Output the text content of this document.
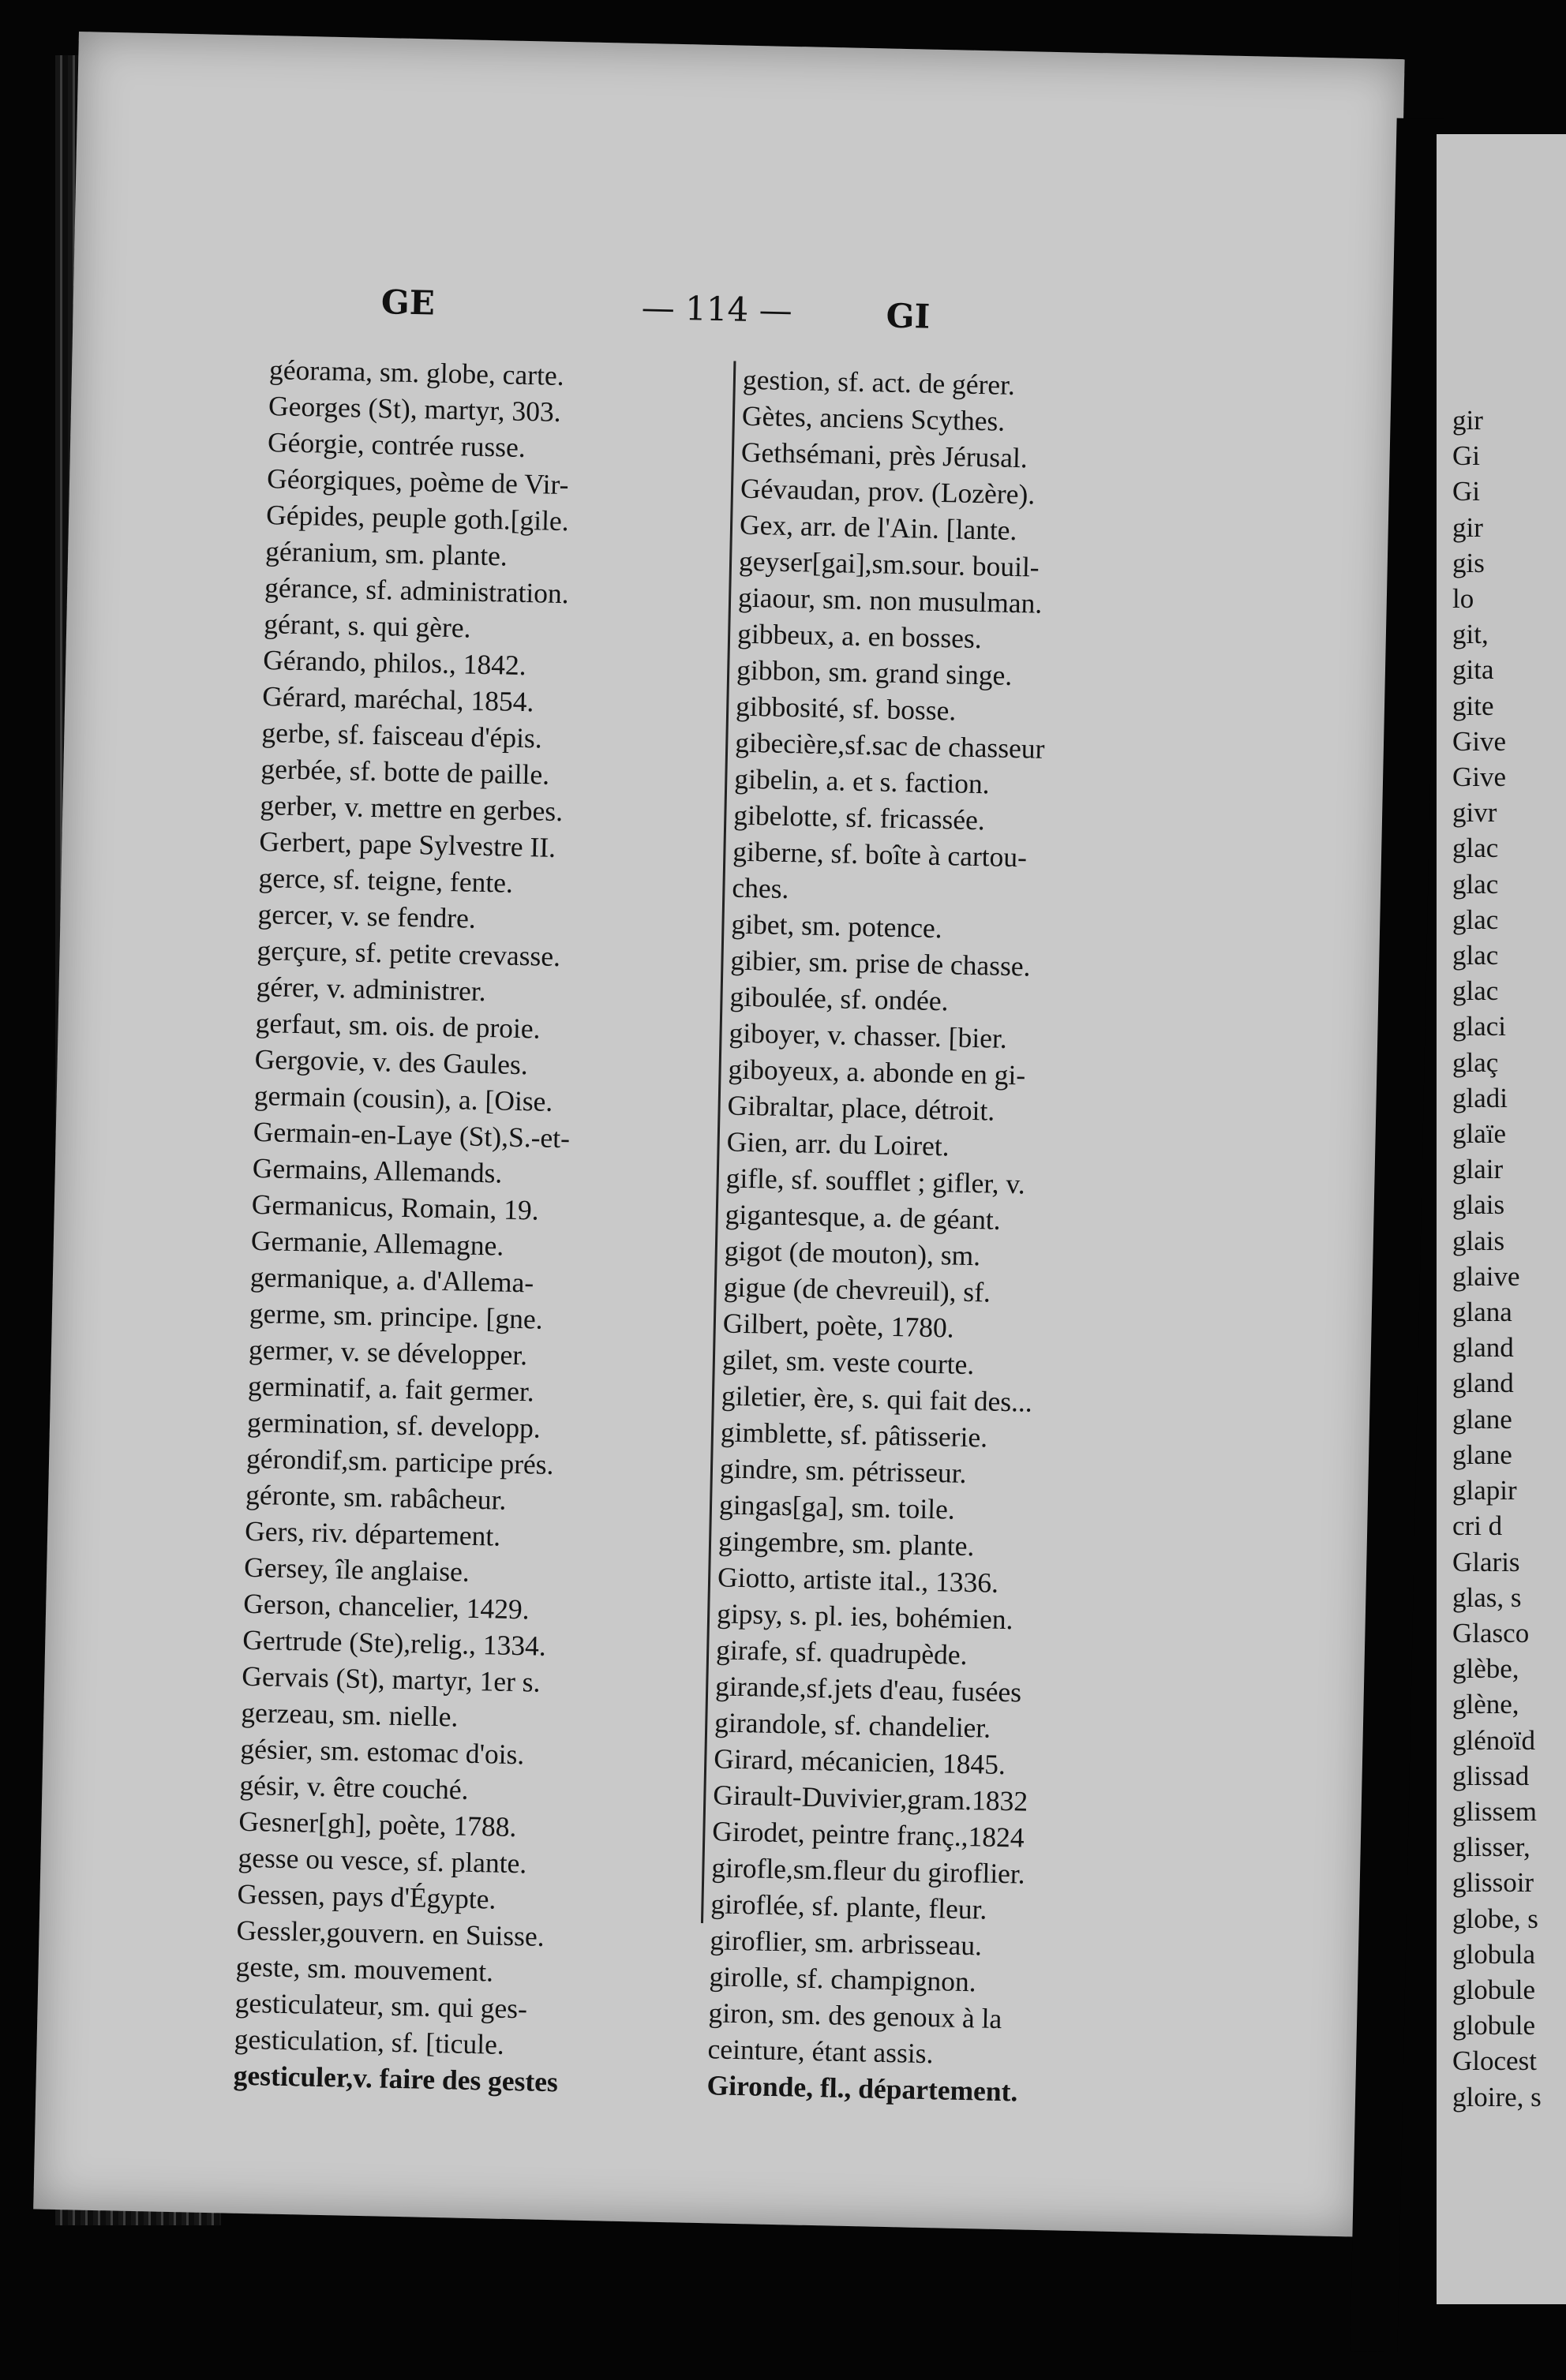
GE	— 114 —	GI
géorama, sm. globe, carte.
Georges (St), martyr, 303.
Géorgie, contrée russe.
Géorgiques, poème de Vir-
Gépides, peuple goth.[gile.
géranium, sm. plante.
gérance, sf. administration.
gérant, s. qui gère.
Gérando, philos., 1842.
Gérard, maréchal, 1854.
gerbe, sf. faisceau d'épis.
gerbée, sf. botte de paille.
gerber, v. mettre en gerbes.
Gerbert, pape Sylvestre II.
gerce, sf. teigne, fente.
gercer, v. se fendre.
gerçure, sf. petite crevasse.
gérer, v. administrer.
gerfaut, sm. ois. de proie.
Gergovie, v. des Gaules.
germain (cousin), a. [Oise.
Germain-en-Laye (St),S.-et-
Germains, Allemands.
Germanicus, Romain, 19.
Germanie, Allemagne.
germanique, a. d'Allema-
germe, sm. principe. [gne.
germer, v. se développer.
germinatif, a. fait germer.
germination, sf. developp.
gérondif,sm. participe prés.
géronte, sm. rabâcheur.
Gers, riv. département.
Gersey, île anglaise.
Gerson, chancelier, 1429.
Gertrude (Ste),relig., 1334.
Gervais (St), martyr, 1er s.
gerzeau, sm. nielle.
gésier, sm. estomac d'ois.
gésir, v. être couché.
Gesner[gh], poète, 1788.
gesse ou vesce, sf. plante.
Gessen, pays d'Égypte.
Gessler,gouvern. en Suisse.
geste, sm. mouvement.
gesticulateur, sm. qui ges-
gesticulation, sf. [ticule.
gesticuler,v. faire des gestes
gestion, sf. act. de gérer.
Gètes, anciens Scythes.
Gethsémani, près Jérusal.
Gévaudan, prov. (Lozère).
Gex, arr. de l'Ain. [lante.
geyser[gai],sm.sour. bouil-
giaour, sm. non musulman.
gibbeux, a. en bosses.
gibbon, sm. grand singe.
gibbosité, sf. bosse.
gibecière,sf.sac de chasseur
gibelin, a. et s. faction.
gibelotte, sf. fricassée.
giberne, sf. boîte à cartou-
ches.
gibet, sm. potence.
gibier, sm. prise de chasse.
giboulée, sf. ondée.
giboyer, v. chasser. [bier.
giboyeux, a. abonde en gi-
Gibraltar, place, détroit.
Gien, arr. du Loiret.
gifle, sf. soufflet ; gifler, v.
gigantesque, a. de géant.
gigot (de mouton), sm.
gigue (de chevreuil), sf.
Gilbert, poète, 1780.
gilet, sm. veste courte.
giletier, ère, s. qui fait des...
gimblette, sf. pâtisserie.
gindre, sm. pétrisseur.
gingas[ga], sm. toile.
gingembre, sm. plante.
Giotto, artiste ital., 1336.
gipsy, s. pl. ies, bohémien.
girafe, sf. quadrupède.
girande,sf.jets d'eau, fusées
girandole, sf. chandelier.
Girard, mécanicien, 1845.
Girault-Duvivier,gram.1832
Girodet, peintre franç.,1824
girofle,sm.fleur du giroflier.
giroflée, sf. plante, fleur.
giroflier, sm. arbrisseau.
girolle, sf. champignon.
giron, sm. des genoux à la
ceinture, étant assis.
Gironde, fl., département.
gir
Gi
Gi
gir
gis
lo
git,
gita
gite
Give
Give
givr
glac
glac
glac
glac
glac
glaci
glaç
gladi
glaïe
glair
glais
glais
glaive
glana
gland
gland
glane
glane
glapir
cri d
Glaris
glas, s
Glasco
glèbe,
glène,
glénoïd
glissad
glissem
glisser,
glissoir
globe, s
globula
globule
globule
Glocest
gloire, s
